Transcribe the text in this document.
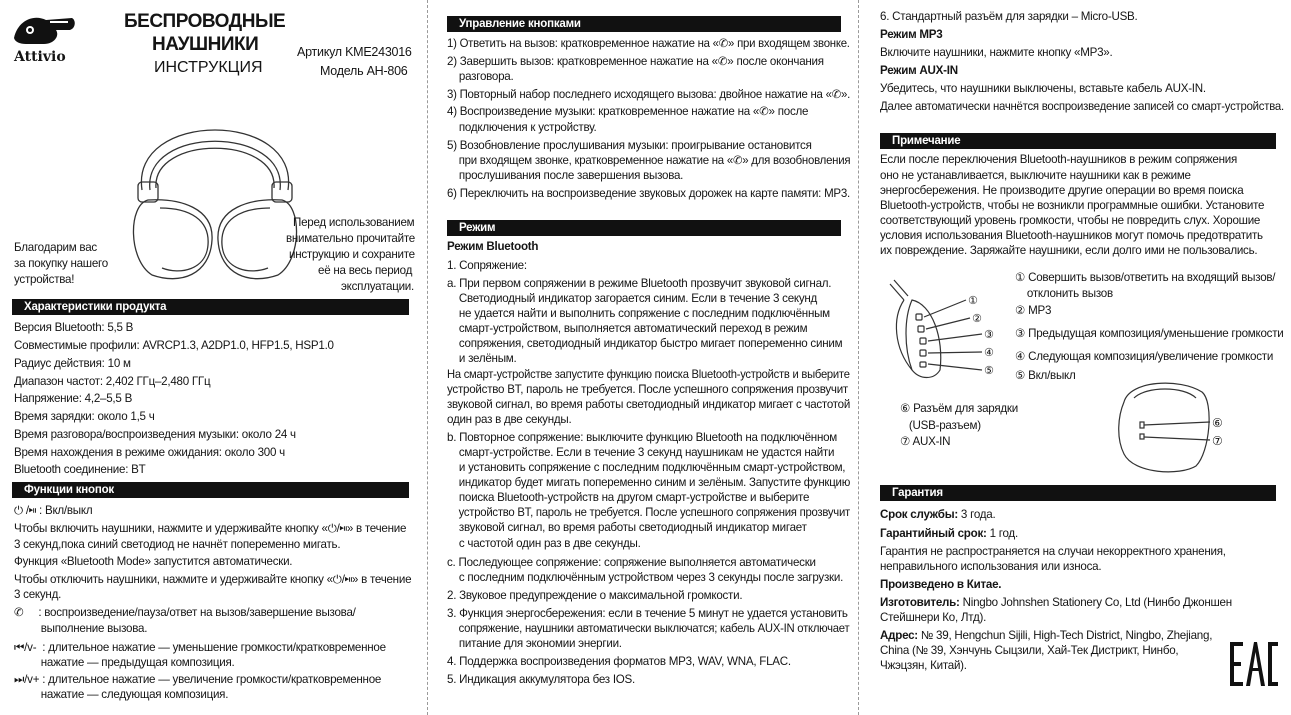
Attivio
БЕСПРОВОДНЫЕ
НАУШНИКИ
ИНСТРУКЦИЯ
Артикул KME243016
Модель АН-806
Благодарим вас
за покупку нашего
устройства!
Перед использованием
внимательно прочитайте
инструкцию и сохраните
её на весь период
эксплуатации.
Характеристики продукта
Версия Bluetooth: 5,5 В
Совместимые профили: AVRCP1.3, A2DP1.0, HFP1.5, HSP1.0
Радиус действия: 10 м
Диапазон частот: 2,402 ГГц–2,480 ГГц
Напряжение: 4,2–5,5 В
Время зарядки: около 1,5 ч
Время разговора/воспроизведения музыки: около 24 ч
Время нахождения в режиме ожидания: около 300 ч
Bluetooth соединение: BT
Функции кнопок
⏻ /⏯ : Вкл/выкл
Чтобы включить наушники, нажмите и удерживайте кнопку «⏻/⏯» в течение
3 секунд,пока синий светодиод не начнёт попеременно мигать.
Функция «Bluetooth Mode» запустится автоматически.
Чтобы отключить наушники, нажмите и удерживайте кнопку «⏻/⏯» в течение
3 секунд.
✆     : воспроизведение/пауза/ответ на вызов/завершение вызова/
выполнение вызова.
⏮/v-  : длительное нажатие — уменьшение громкости/кратковременное
нажатие — предыдущая композиция.
⏭/v+ : длительное нажатие — увеличение громкости/кратковременное
нажатие — следующая композиция.
Управление кнопками
1) Ответить на вызов: кратковременное нажатие на «✆» при входящем звонке.
2) Завершить вызов: кратковременное нажатие на «✆» после окончания
разговора.
3) Повторный набор последнего исходящего вызова: двойное нажатие на «✆».
4) Воспроизведение музыки: кратковременное нажатие на «✆» после
подключения к устройству.
5) Возобновление прослушивания музыки: проигрывание остановится
при входящем звонке, кратковременное нажатие на «✆» для возобновления
прослушивания после завершения вызова.
6) Переключить на воспроизведение звуковых дорожек на карте памяти: MP3.
Режим
Режим Bluetooth
1. Сопряжение:
a. При первом сопряжении в режиме Bluetooth прозвучит звуковой сигнал.
Светодиодный индикатор загорается синим. Если в течение 3 секунд
не удается найти и выполнить сопряжение с последним подключённым
смарт-устройством, выполняется автоматический переход в режим
сопряжения, светодиодный индикатор быстро мигает попеременно синим
и зелёным.
На смарт-устройстве запустите функцию поиска Bluetooth-устройств и выберите
устройство BT, пароль не требуется. После успешного сопряжения прозвучит
звуковой сигнал, во время работы светодиодный индикатор мигает с частотой
один раз в две секунды.
b. Повторное сопряжение: выключите функцию Bluetooth на подключённом
смарт-устройстве. Если в течение 3 секунд наушникам не удастся найти
и установить сопряжение с последним подключённым смарт-устройством,
индикатор будет мигать попеременно синим и зелёным. Запустите функцию
поиска Bluetooth-устройств на другом смарт-устройстве и выберите
устройство BT, пароль не требуется. После успешного сопряжения прозвучит
звуковой сигнал, во время работы светодиодный индикатор мигает
с частотой один раз в две секунды.
c. Последующее сопряжение: сопряжение выполняется автоматически
с последним подключённым устройством через 3 секунды после загрузки.
2. Звуковое предупреждение о максимальной громкости.
3. Функция энергосбережения: если в течение 5 минут не удается установить
сопряжение, наушники автоматически выключатся; кабель AUX-IN отключает
питание для экономии энергии.
4. Поддержка воспроизведения форматов MP3, WAV, WNA, FLAC.
5. Индикация аккумулятора без IOS.
6. Стандартный разъём для зарядки – Micro-USB.
Режим MP3
Включите наушники, нажмите кнопку «MP3».
Режим AUX-IN
Убедитесь, что наушники выключены, вставьте кабель AUX-IN.
Далее автоматически начнётся воспроизведение записей со смарт-устройства.
Примечание
Если после переключения Bluetooth-наушников в режим сопряжения
оно не устанавливается, выключите наушники как в режиме
энергосбережения. Не производите другие операции во время поиска
Bluetooth-устройств, чтобы не возникли программные ошибки. Установите
соответствующий уровень громкости, чтобы не повредить слух. Хорошие
условия использования Bluetooth-наушников могут помочь предотвратить
их повреждение. Заряжайте наушники, если долго ими не пользовались.
①
②
③
④
⑤
① Совершить вызов/ответить на входящий вызов/
отклонить вызов
② MP3
③ Предыдущая композиция/уменьшение громкости
④ Следующая композиция/увеличение громкости
⑤ Вкл/выкл
⑥ Разъём для зарядки
(USB-разъем)
⑦ AUX-IN
⑥
⑦
Гарантия
Срок службы: 3 года.
Гарантийный срок: 1 год.
Гарантия не распространяется на случаи некорректного хранения,
неправильного использования или износа.
Произведено в Китае.
Изготовитель: Ningbo Johnshen Stationery Co, Ltd (Нинбо Джоншен
Стейшнери Ко, Лтд).
Адрес: № 39, Hengchun Sijili, High-Tech District, Ningbo, Zhejiang,
China (№ 39, Хэнчунь Сыцзили, Хай-Тек Дистрикт, Нинбо,
Чжэцзян, Китай).
